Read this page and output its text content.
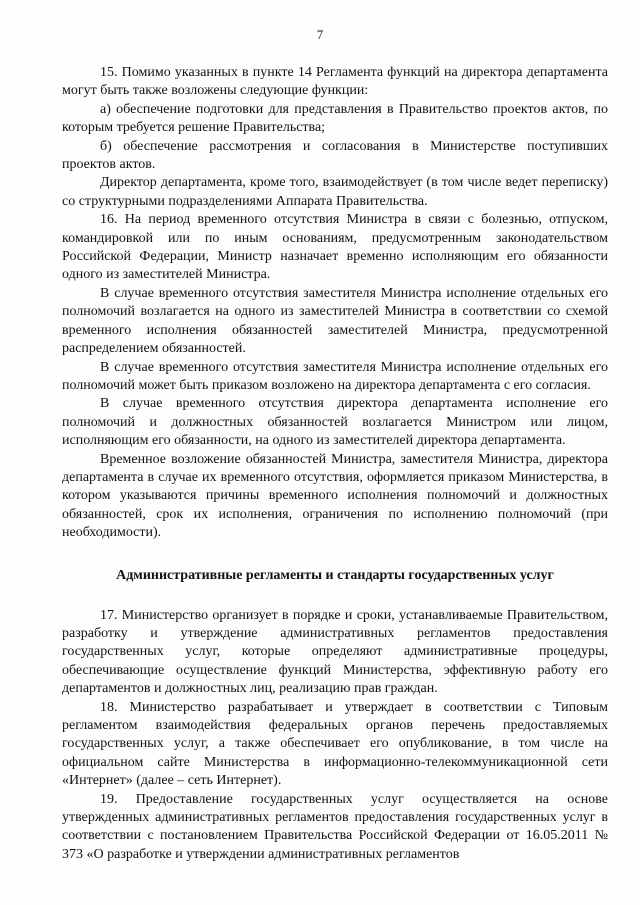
7

15. Помимо указанных в пункте 14 Регламента функций на директора департамента могут быть также возложены следующие функции:

а) обеспечение подготовки для представления в Правительство проектов актов, по которым требуется решение Правительства;

б) обеспечение рассмотрения и согласования в Министерстве поступивших проектов актов.

Директор департамента, кроме того, взаимодействует (в том числе ведет переписку) со структурными подразделениями Аппарата Правительства.

16. На период временного отсутствия Министра в связи с болезнью, отпуском, командировкой или по иным основаниям, предусмотренным законодательством Российской Федерации, Министр назначает временно исполняющим его обязанности одного из заместителей Министра.

В случае временного отсутствия заместителя Министра исполнение отдельных его полномочий возлагается на одного из заместителей Министра в соответствии со схемой временного исполнения обязанностей заместителей Министра, предусмотренной распределением обязанностей.

В случае временного отсутствия заместителя Министра исполнение отдельных его полномочий может быть приказом возложено на директора департамента с его согласия.

В случае временного отсутствия директора департамента исполнение его полномочий и должностных обязанностей возлагается Министром или лицом, исполняющим его обязанности, на одного из заместителей директора департамента.

Временное возложение обязанностей Министра, заместителя Министра, директора департамента в случае их временного отсутствия, оформляется приказом Министерства, в котором указываются причины временного исполнения полномочий и должностных обязанностей, срок их исполнения, ограничения по исполнению полномочий (при необходимости).

Административные регламенты и стандарты государственных услуг

17. Министерство организует в порядке и сроки, устанавливаемые Правительством, разработку и утверждение административных регламентов предоставления государственных услуг, которые определяют административные процедуры, обеспечивающие осуществление функций Министерства, эффективную работу его департаментов и должностных лиц, реализацию прав граждан.

18. Министерство разрабатывает и утверждает в соответствии с Типовым регламентом взаимодействия федеральных органов перечень предоставляемых государственных услуг, а также обеспечивает его опубликование, в том числе на официальном сайте Министерства в информационно-телекоммуникационной сети «Интернет» (далее – сеть Интернет).

19. Предоставление государственных услуг осуществляется на основе утвержденных административных регламентов предоставления государственных услуг в соответствии с постановлением Правительства Российской Федерации от 16.05.2011 № 373 «О разработке и утверждении административных регламентов
